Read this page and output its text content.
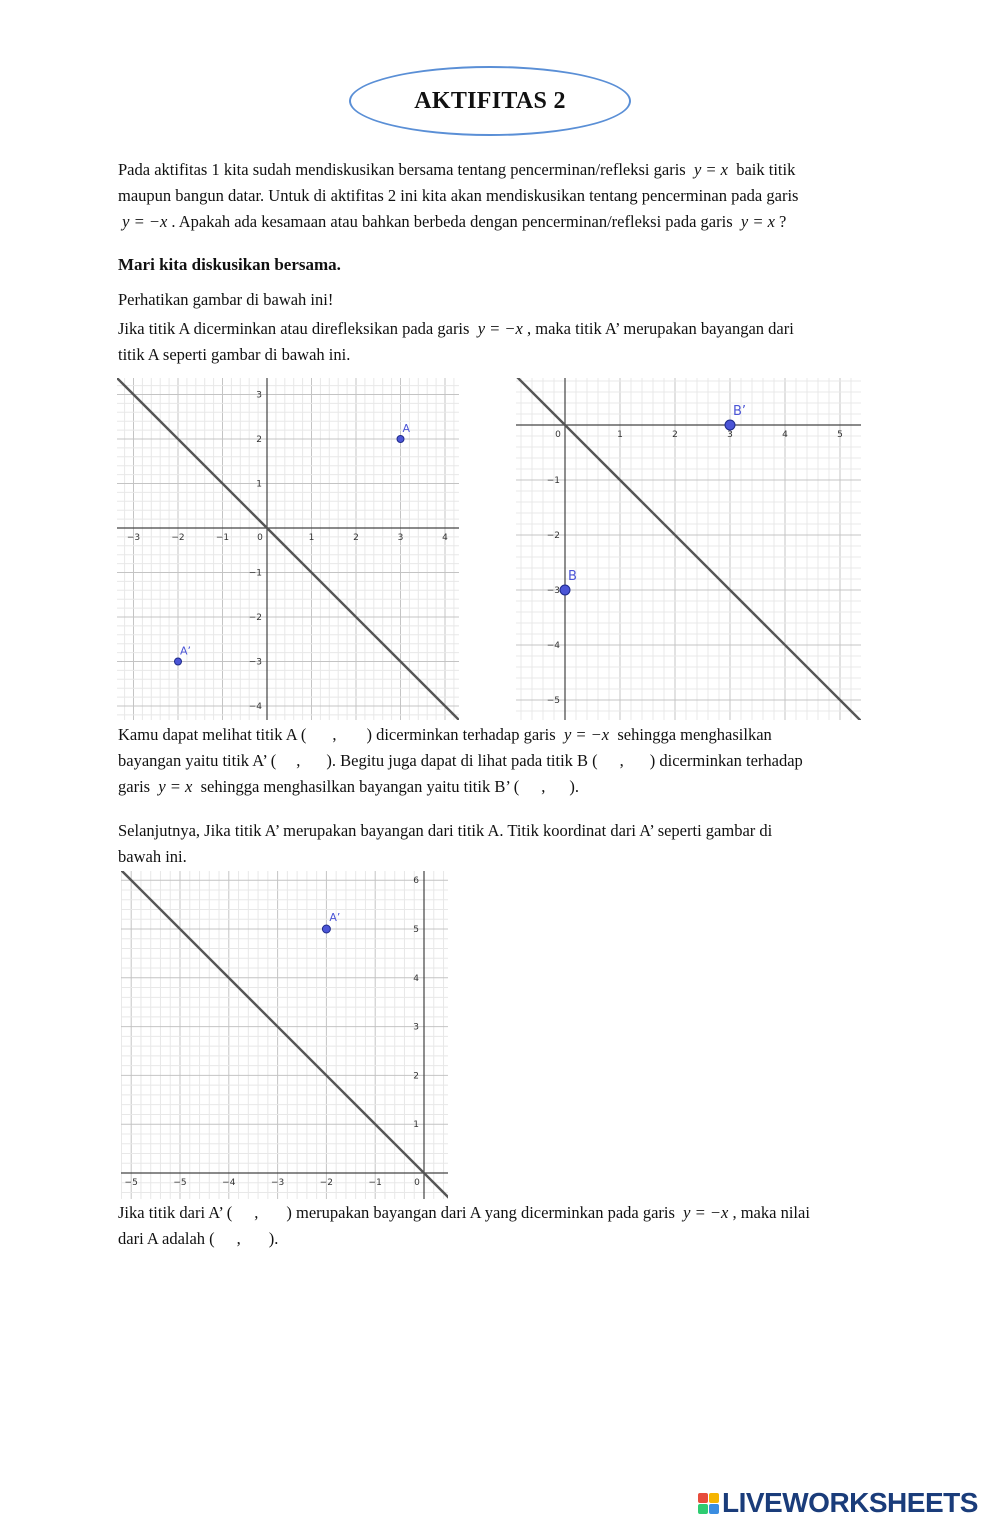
AKTIFITAS 2
Pada aktifitas 1 kita sudah mendiskusikan bersama tentang pencerminan/refleksi garis y = x baik titik
maupun bangun datar. Untuk di aktifitas 2 ini kita akan mendiskusikan tentang pencerminan pada garis
y = −x . Apakah ada kesamaan atau bahkan berbeda dengan pencerminan/refleksi pada garis y = x ?
Mari kita diskusikan bersama.
Perhatikan gambar di bawah ini!
Jika titik A dicerminkan atau direfleksikan pada garis y = −x , maka titik A’ merupakan bayangan dari
titik A seperti gambar di bawah ini.
−3	−2	−1	0	1	2	3	4
3
2
1
−1
−2
−3
−4
A
A’
0	1	2	3	4	5
−1
−2
−3
−4
−5
B’
B
Kamu dapat melihat titik A ( , ) dicerminkan terhadap garis y = −x sehingga menghasilkan
bayangan yaitu titik A’ ( , ). Begitu juga dapat di lihat pada titik B ( , ) dicerminkan terhadap
garis y = x sehingga menghasilkan bayangan yaitu titik B’ ( , ).
Selanjutnya, Jika titik A’ merupakan bayangan dari titik A. Titik koordinat dari A’ seperti gambar di
bawah ini.
−5	−5	−4	−3	−2	−1	0
6
5
4
3
2
1
A’
Jika titik dari A’ ( , ) merupakan bayangan dari A yang dicerminkan pada garis y = −x , maka nilai
dari A adalah ( , ).
LIVEWORKSHEETS
